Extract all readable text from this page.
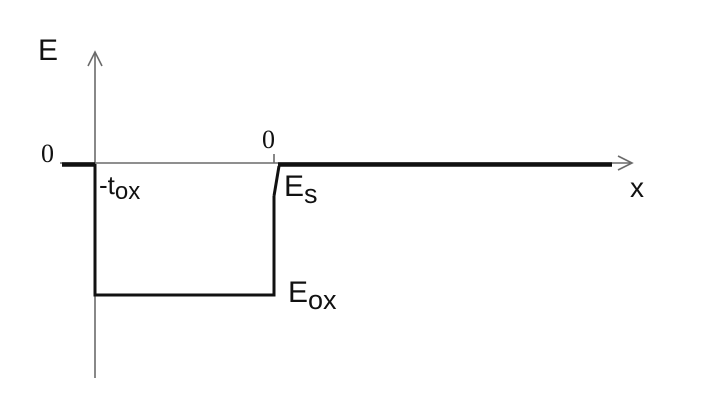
E
x
0	0
-tox	Es
Eox
